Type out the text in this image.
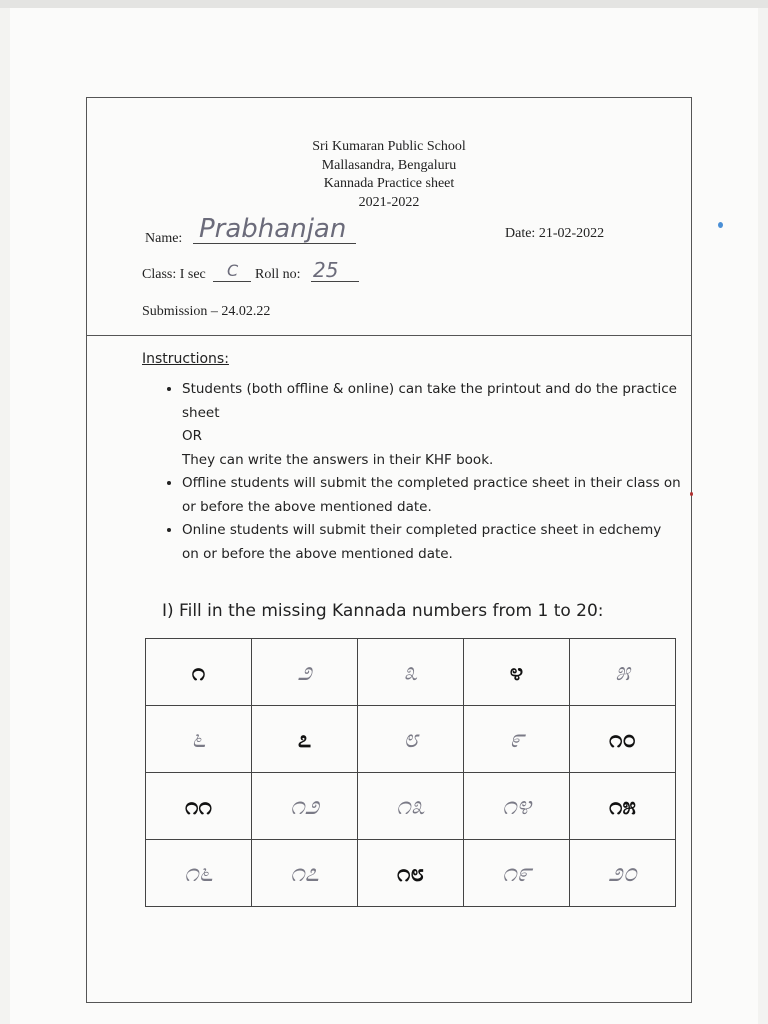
Sri Kumaran Public School
Mallasandra, Bengaluru
Kannada Practice sheet
2021-2022
Name: Prabhanjan	Date: 21-02-2022
Class: I sec C Roll no: 25
Submission – 24.02.22
Instructions:
• Students (both offline & online) can take the printout and do the practice sheet
OR
They can write the answers in their KHF book.
• Offline students will submit the completed practice sheet in their class on or before the above mentioned date.
• Online students will submit their completed practice sheet in edchemy on or before the above mentioned date.
I) Fill in the missing Kannada numbers from 1 to 20:
೧	೨	೩	೪	೫
೬	೭	೮	೯	೧೦
೧೧	೧೨	೧೩	೧೪	೧೫
೧೬	೧೭	೧೮	೧೯	೨೦
